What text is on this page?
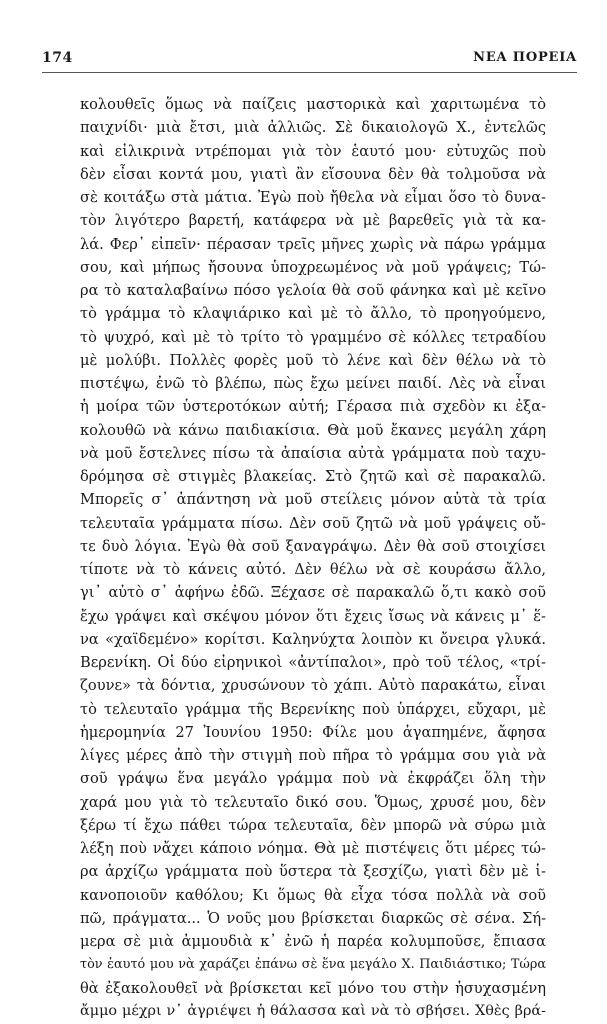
174	ΝΕΑ ΠΟΡΕΙΑ
κολουθεῖς ὅμως νὰ παίζεις μαστορικὰ καὶ χαριτωμένα τὸ
παιχνίδι· μιὰ ἔτσι, μιὰ ἀλλιῶς. Σὲ δικαιολογῶ Χ., ἐντελῶς
καὶ εἰλικρινὰ ντρέπομαι γιὰ τὸν ἑαυτό μου· εὐτυχῶς ποὺ
δὲν εἶσαι κοντά μου, γιατὶ ἂν εἴσουνα δὲν θὰ τολμοῦσα νὰ
σὲ κοιτάξω στὰ μάτια. Ἐγὼ ποὺ ἤθελα νὰ εἶμαι ὅσο τὸ δυνα-
τὸν λιγότερο βαρετή, κατάφερα νὰ μὲ βαρεθεῖς γιὰ τὰ κα-
λά. Φερ᾽ εἰπεῖν· πέρασαν τρεῖς μῆνες χωρὶς νὰ πάρω γράμμα
σου, καὶ μήπως ἤσουνα ὑποχρεωμένος νὰ μοῦ γράψεις; Τώ-
ρα τὸ καταλαβαίνω πόσο γελοία θὰ σοῦ φάνηκα καὶ μὲ κεῖνο
τὸ γράμμα τὸ κλαψιάρικο καὶ μὲ τὸ ἄλλο, τὸ προηγούμενο,
τὸ ψυχρό, καὶ μὲ τὸ τρίτο τὸ γραμμένο σὲ κόλλες τετραδίου
μὲ μολύβι. Πολλὲς φορὲς μοῦ τὸ λένε καὶ δὲν θέλω νὰ τὸ
πιστέψω, ἐνῶ τὸ βλέπω, πὼς ἔχω μείνει παιδί. Λὲς νὰ εἶναι
ἡ μοίρα τῶν ὑστεροτόκων αὐτή; Γέρασα πιὰ σχεδὸν κι ἐξα-
κολουθῶ νὰ κάνω παιδιακίσια. Θὰ μοῦ ἔκανες μεγάλη χάρη
νὰ μοῦ ἔστελνες πίσω τὰ ἀπαίσια αὐτὰ γράμματα ποὺ ταχυ-
δρόμησα σὲ στιγμὲς βλακείας. Στὸ ζητῶ καὶ σὲ παρακαλῶ.
Μπορεῖς σ᾽ ἀπάντηση νὰ μοῦ στείλεις μόνον αὐτὰ τὰ τρία
τελευταῖα γράμματα πίσω. Δὲν σοῦ ζητῶ νὰ μοῦ γράψεις οὔ-
τε δυὸ λόγια. Ἐγὼ θὰ σοῦ ξαναγράψω. Δὲν θὰ σοῦ στοιχίσει
τίποτε νὰ τὸ κάνεις αὐτό. Δὲν θέλω νὰ σὲ κουράσω ἄλλο,
γι᾽ αὐτὸ σ᾽ ἀφήνω ἐδῶ. Ξέχασε σὲ παρακαλῶ ὅ,τι κακὸ σοῦ
ἔχω γράψει καὶ σκέψου μόνον ὅτι ἔχεις ἴσως νὰ κάνεις μ᾽ ἕ-
να «χαϊδεμένο» κορίτσι. Καληνύχτα λοιπὸν κι ὄνειρα γλυκά.
Βερενίκη. Οἱ δύο εἰρηνικοὶ «ἀντίπαλοι», πρὸ τοῦ τέλος, «τρί-
ζουνε» τὰ δόντια, χρυσώνουν τὸ χάπι. Αὐτὸ παρακάτω, εἶναι
τὸ τελευταῖο γράμμα τῆς Βερενίκης ποὺ ὑπάρχει, εὔχαρι, μὲ
ἡμερομηνία 27 Ἰουνίου 1950: Φίλε μου ἀγαπημένε, ἄφησα
λίγες μέρες ἀπὸ τὴν στιγμὴ ποὺ πῆρα τὸ γράμμα σου γιὰ νὰ
σοῦ γράψω ἕνα μεγάλο γράμμα ποὺ νὰ ἐκφράζει ὅλη τὴν
χαρά μου γιὰ τὸ τελευταῖο δικό σου. Ὅμως, χρυσέ μου, δὲν
ξέρω τί ἔχω πάθει τώρα τελευταῖα, δὲν μπορῶ νὰ σύρω μιὰ
λέξη ποὺ νἄχει κάποιο νόημα. Θὰ μὲ πιστέψεις ὅτι μέρες τώ-
ρα ἀρχίζω γράμματα ποὺ ὕστερα τὰ ξεσχίζω, γιατὶ δὲν μὲ ἱ-
κανοποιοῦν καθόλου; Κι ὅμως θὰ εἶχα τόσα πολλὰ νὰ σοῦ
πῶ, πράγματα... Ὁ νοῦς μου βρίσκεται διαρκῶς σὲ σένα. Σή-
μερα σὲ μιὰ ἀμμουδιὰ κ᾽ ἐνῶ ἡ παρέα κολυμποῦσε, ἔπιασα
τὸν ἑαυτό μου νὰ χαράζει ἐπάνω σὲ ἕνα μεγάλο Χ. Παιδιάστικο; Τώρα
θὰ ἐξακολουθεῖ νὰ βρίσκεται κεῖ μόνο του στὴν ἡσυχασμένη
ἄμμο μέχρι ν᾽ ἀγριέψει ἡ θάλασσα καὶ νὰ τὸ σβήσει. Χθὲς βρά-
